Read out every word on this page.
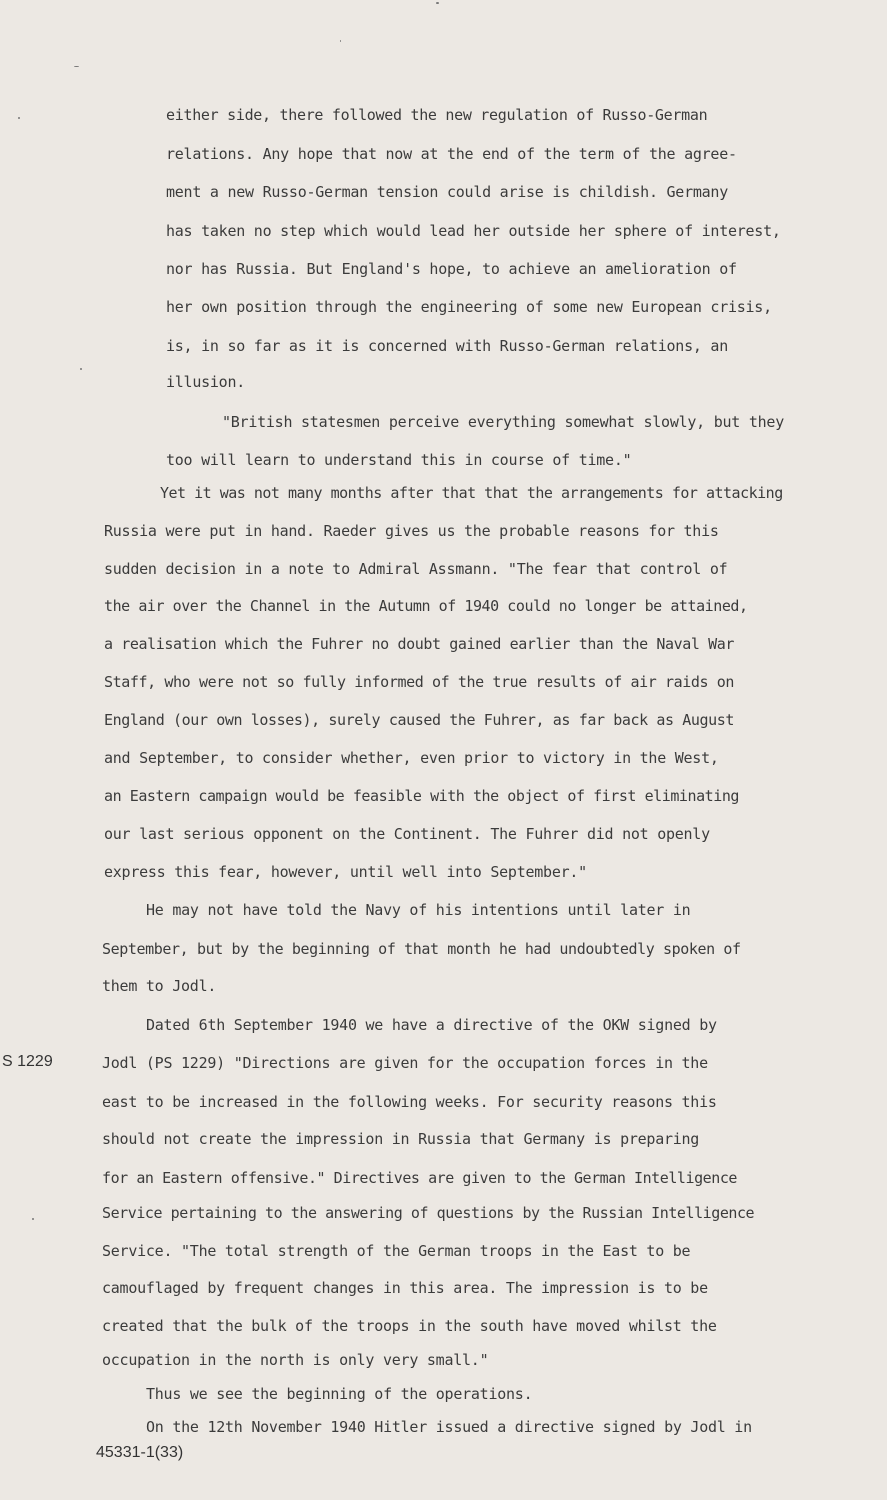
either side, there followed the new regulation of Russo-German
relations. Any hope that now at the end of the term of the agree-
ment a new Russo-German tension could arise is childish. Germany
has taken no step which would lead her outside her sphere of interest,
nor has Russia. But England's hope, to achieve an amelioration of
her own position through the engineering of some new European crisis,
is, in so far as it is concerned with Russo-German relations, an
illusion.
"British statesmen perceive everything somewhat slowly, but they
too will learn to understand this in course of time."
Yet it was not many months after that that the arrangements for attacking
Russia were put in hand. Raeder gives us the probable reasons for this
sudden decision in a note to Admiral Assmann. "The fear that control of
the air over the Channel in the Autumn of 1940 could no longer be attained,
a realisation which the Fuhrer no doubt gained earlier than the Naval War
Staff, who were not so fully informed of the true results of air raids on
England (our own losses), surely caused the Fuhrer, as far back as August
and September, to consider whether, even prior to victory in the West,
an Eastern campaign would be feasible with the object of first eliminating
our last serious opponent on the Continent. The Fuhrer did not openly
express this fear, however, until well into September."
He may not have told the Navy of his intentions until later in
September, but by the beginning of that month he had undoubtedly spoken of
them to Jodl.
Dated 6th September 1940 we have a directive of the OKW signed by
Jodl (PS 1229) "Directions are given for the occupation forces in the
east to be increased in the following weeks. For security reasons this
should not create the impression in Russia that Germany is preparing
for an Eastern offensive." Directives are given to the German Intelligence
Service pertaining to the answering of questions by the Russian Intelligence
Service. "The total strength of the German troops in the East to be
camouflaged by frequent changes in this area. The impression is to be
created that the bulk of the troops in the south have moved whilst the
occupation in the north is only very small."
Thus we see the beginning of the operations.
On the 12th November 1940 Hitler issued a directive signed by Jodl in
S 1229
45331-1(33)
